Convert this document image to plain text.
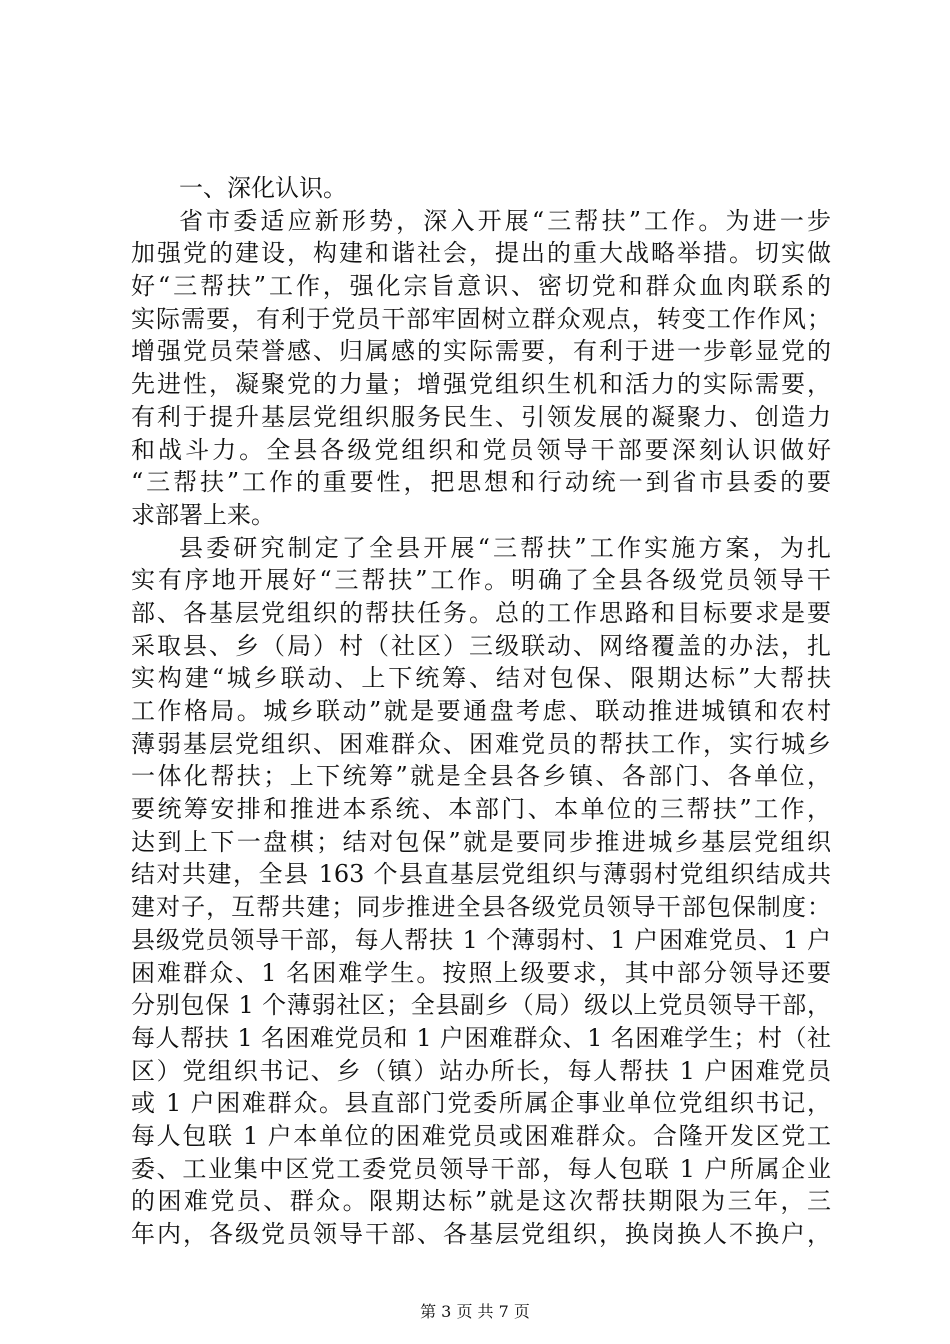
一、深化认识。
省市委适应新形势，深入开展“三帮扶”工作。为进一步
加强党的建设，构建和谐社会，提出的重大战略举措。切实做
好“三帮扶”工作，强化宗旨意识、密切党和群众血肉联系的
实际需要，有利于党员干部牢固树立群众观点，转变工作作风；
增强党员荣誉感、归属感的实际需要，有利于进一步彰显党的
先进性，凝聚党的力量；增强党组织生机和活力的实际需要，
有利于提升基层党组织服务民生、引领发展的凝聚力、创造力
和战斗力。全县各级党组织和党员领导干部要深刻认识做好
“三帮扶”工作的重要性，把思想和行动统一到省市县委的要
求部署上来。
县委研究制定了全县开展“三帮扶”工作实施方案，为扎
实有序地开展好“三帮扶”工作。明确了全县各级党员领导干
部、各基层党组织的帮扶任务。总的工作思路和目标要求是要
采取县、乡（局）村（社区）三级联动、网络覆盖的办法，扎
实构建“城乡联动、上下统筹、结对包保、限期达标”大帮扶
工作格局。城乡联动”就是要通盘考虑、联动推进城镇和农村
薄弱基层党组织、困难群众、困难党员的帮扶工作，实行城乡
一体化帮扶；上下统筹”就是全县各乡镇、各部门、各单位，
要统筹安排和推进本系统、本部门、本单位的三帮扶”工作，
达到上下一盘棋；结对包保”就是要同步推进城乡基层党组织
结对共建，全县 163 个县直基层党组织与薄弱村党组织结成共
建对子，互帮共建；同步推进全县各级党员领导干部包保制度：
县级党员领导干部，每人帮扶 1 个薄弱村、1 户困难党员、1 户
困难群众、1 名困难学生。按照上级要求，其中部分领导还要
分别包保 1 个薄弱社区；全县副乡（局）级以上党员领导干部，
每人帮扶 1 名困难党员和 1 户困难群众、1 名困难学生；村（社
区）党组织书记、乡（镇）站办所长，每人帮扶 1 户困难党员
或 1 户困难群众。县直部门党委所属企事业单位党组织书记，
每人包联 1 户本单位的困难党员或困难群众。合隆开发区党工
委、工业集中区党工委党员领导干部，每人包联 1 户所属企业
的困难党员、群众。限期达标”就是这次帮扶期限为三年，三
年内，各级党员领导干部、各基层党组织，换岗换人不换户，
第 3 页 共 7 页
